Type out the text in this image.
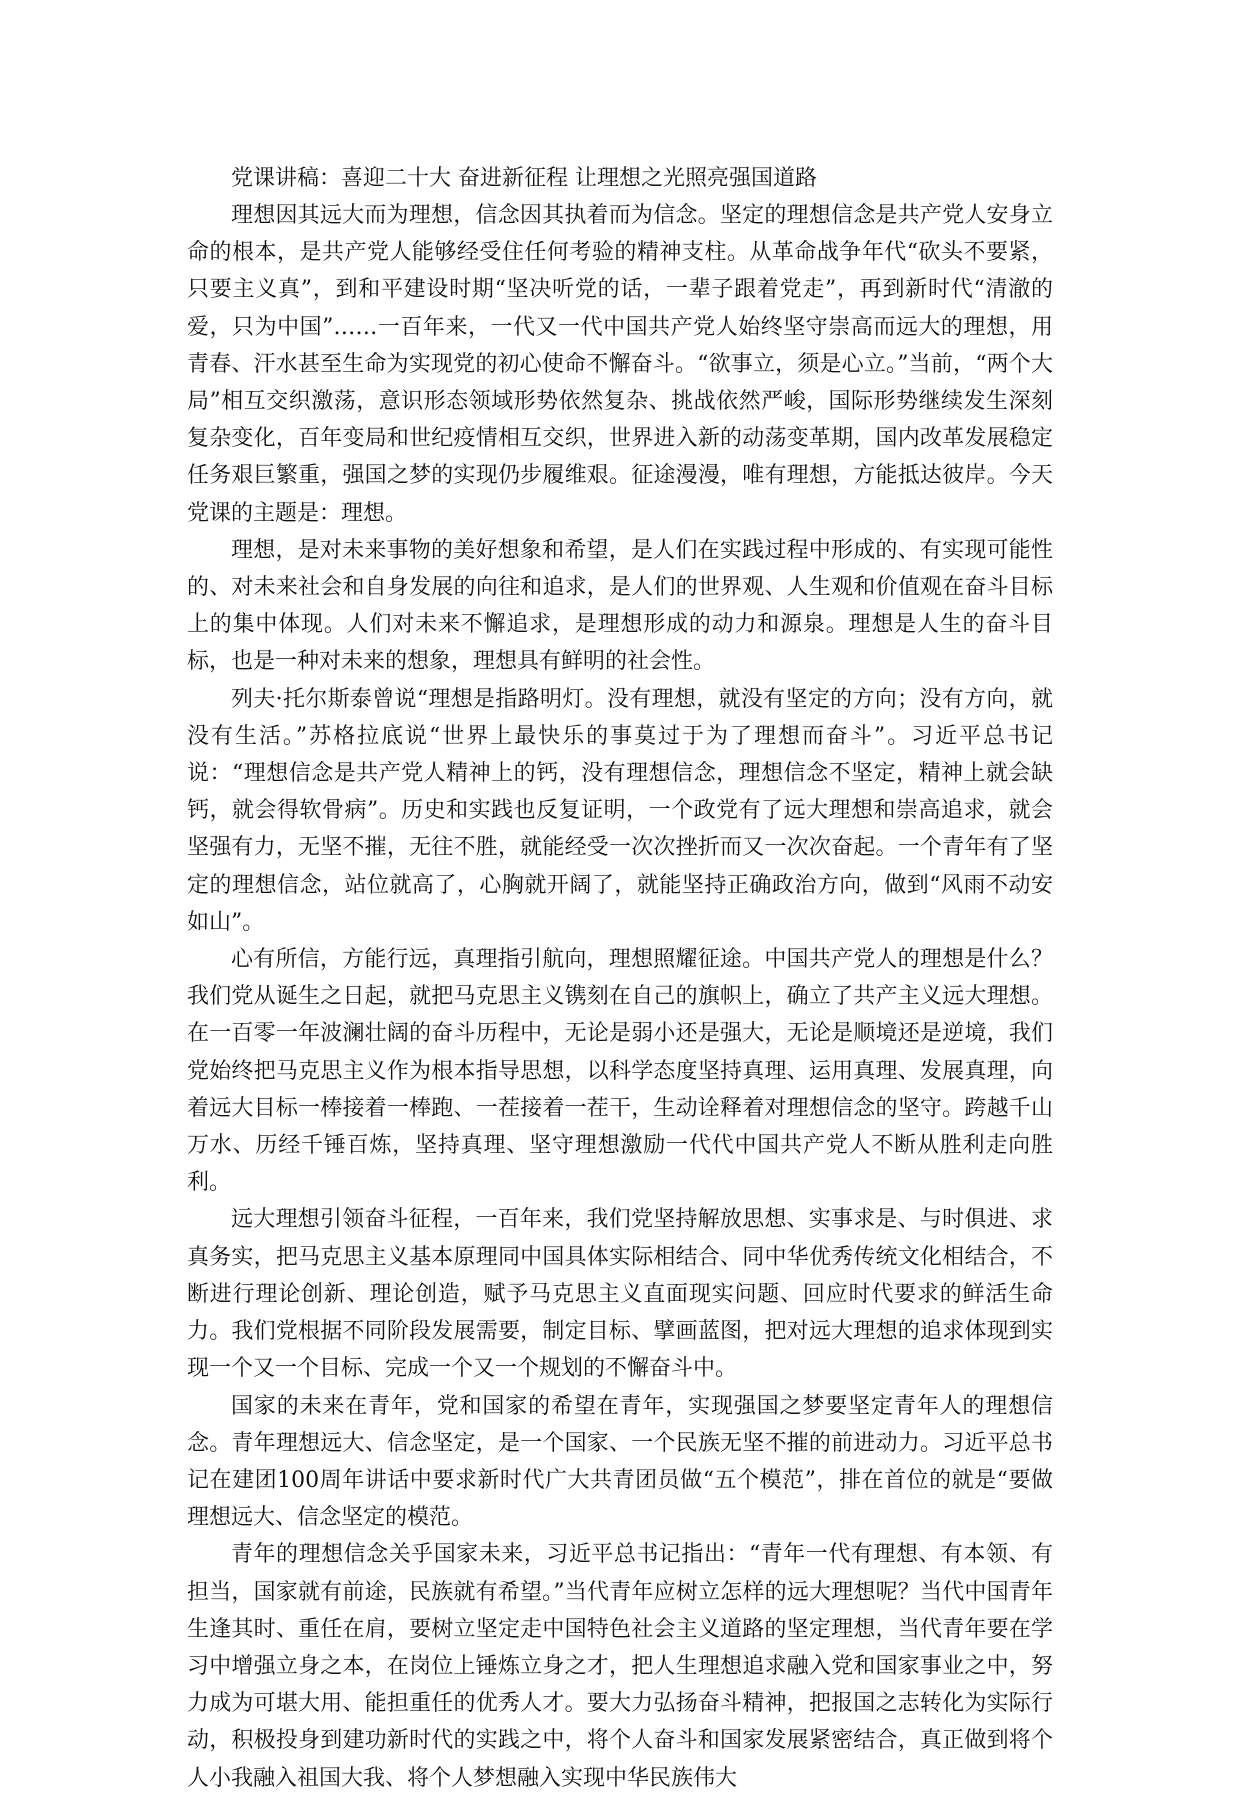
党课讲稿：喜迎二十大 奋进新征程 让理想之光照亮强国道路

理想因其远大而为理想，信念因其执着而为信念。坚定的理想信念是共产党人安身立命的根本，是共产党人能够经受住任何考验的精神支柱。从革命战争年代“砍头不要紧，只要主义真”，到和平建设时期“坚决听党的话，一辈子跟着党走”，再到新时代“清澈的爱，只为中国”……一百年来，一代又一代中国共产党人始终坚守崇高而远大的理想，用青春、汗水甚至生命为实现党的初心使命不懈奋斗。“欲事立，须是心立。”当前，“两个大局”相互交织激荡，意识形态领域形势依然复杂、挑战依然严峻，国际形势继续发生深刻复杂变化，百年变局和世纪疫情相互交织，世界进入新的动荡变革期，国内改革发展稳定任务艰巨繁重，强国之梦的实现仍步履维艰。征途漫漫，唯有理想，方能抵达彼岸。今天党课的主题是：理想。

理想，是对未来事物的美好想象和希望，是人们在实践过程中形成的、有实现可能性的、对未来社会和自身发展的向往和追求，是人们的世界观、人生观和价值观在奋斗目标上的集中体现。人们对未来不懈追求，是理想形成的动力和源泉。理想是人生的奋斗目标，也是一种对未来的想象，理想具有鲜明的社会性。

列夫·托尔斯泰曾说“理想是指路明灯。没有理想，就没有坚定的方向；没有方向，就没有生活。”苏格拉底说“世界上最快乐的事莫过于为了理想而奋斗”。习近平总书记说：“理想信念是共产党人精神上的钙，没有理想信念，理想信念不坚定，精神上就会缺钙，就会得软骨病”。历史和实践也反复证明，一个政党有了远大理想和崇高追求，就会坚强有力，无坚不摧，无往不胜，就能经受一次次挫折而又一次次奋起。一个青年有了坚定的理想信念，站位就高了，心胸就开阔了，就能坚持正确政治方向，做到“风雨不动安如山”。

心有所信，方能行远，真理指引航向，理想照耀征途。中国共产党人的理想是什么？我们党从诞生之日起，就把马克思主义镌刻在自己的旗帜上，确立了共产主义远大理想。在一百零一年波澜壮阔的奋斗历程中，无论是弱小还是强大，无论是顺境还是逆境，我们党始终把马克思主义作为根本指导思想，以科学态度坚持真理、运用真理、发展真理，向着远大目标一棒接着一棒跑、一茬接着一茬干，生动诠释着对理想信念的坚守。跨越千山万水、历经千锤百炼，坚持真理、坚守理想激励一代代中国共产党人不断从胜利走向胜利。

远大理想引领奋斗征程，一百年来，我们党坚持解放思想、实事求是、与时俱进、求真务实，把马克思主义基本原理同中国具体实际相结合、同中华优秀传统文化相结合，不断进行理论创新、理论创造，赋予马克思主义直面现实问题、回应时代要求的鲜活生命力。我们党根据不同阶段发展需要，制定目标、擘画蓝图，把对远大理想的追求体现到实现一个又一个目标、完成一个又一个规划的不懈奋斗中。

国家的未来在青年，党和国家的希望在青年，实现强国之梦要坚定青年人的理想信念。青年理想远大、信念坚定，是一个国家、一个民族无坚不摧的前进动力。习近平总书记在建团100周年讲话中要求新时代广大共青团员做“五个模范”，排在首位的就是“要做理想远大、信念坚定的模范。

青年的理想信念关乎国家未来，习近平总书记指出：“青年一代有理想、有本领、有担当，国家就有前途，民族就有希望。”当代青年应树立怎样的远大理想呢？当代中国青年生逢其时、重任在肩，要树立坚定走中国特色社会主义道路的坚定理想，当代青年要在学习中增强立身之本，在岗位上锤炼立身之才，把人生理想追求融入党和国家事业之中，努力成为可堪大用、能担重任的优秀人才。要大力弘扬奋斗精神，把报国之志转化为实际行动，积极投身到建功新时代的实践之中，将个人奋斗和国家发展紧密结合，真正做到将个人小我融入祖国大我、将个人梦想融入实现中华民族伟大
